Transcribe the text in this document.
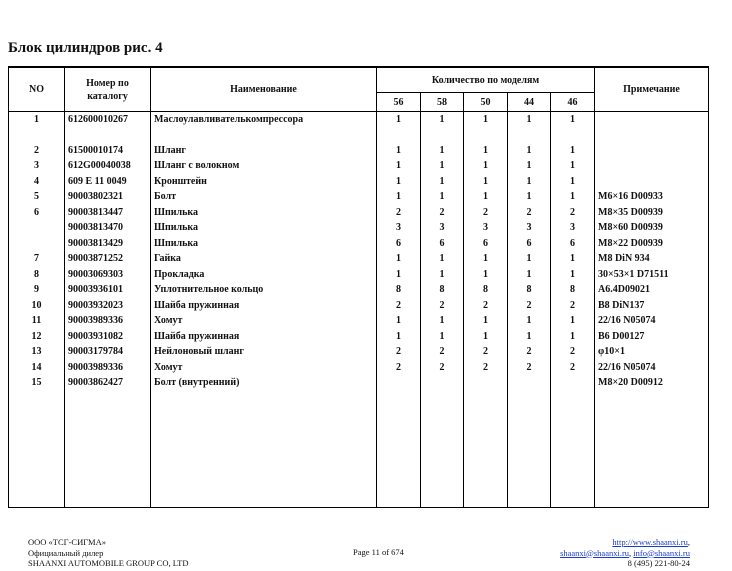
Блок цилиндров рис. 4
NO	Номер по каталогу	Наименование	Количество по моделям					Примечание
			56	58	50	44	46	
1	612600010267	Маслоулавливателькомпрессора	1	1	1	1	1	

2	61500010174	Шланг	1	1	1	1	1	
3	612G00040038	Шланг с волокном	1	1	1	1	1	
4	609 E 11 0049	Кронштейн	1	1	1	1	1	
5	90003802321	Болт	1	1	1	1	1	M6×16 D00933
6	90003813447	Шпилька	2	2	2	2	2	M8×35 D00939
	90003813470	Шпилька	3	3	3	3	3	M8×60 D00939
	90003813429	Шпилька	6	6	6	6	6	M8×22 D00939
7	90003871252	Гайка	1	1	1	1	1	M8 DiN 934
8	90003069303	Прокладка	1	1	1	1	1	30×53×1 D71511
9	90003936101	Уплотнительное кольцо	8	8	8	8	8	A6.4D09021
10	90003932023	Шайба пружинная	2	2	2	2	2	B8 DiN137
11	90003989336	Хомут	1	1	1	1	1	22/16 N05074
12	90003931082	Шайба пружинная	1	1	1	1	1	B6 D00127
13	90003179784	Нейлоновый шланг	2	2	2	2	2	φ10×1
14	90003989336	Хомут	2	2	2	2	2	22/16 N05074
15	90003862427	Болт (внутренний)						M8×20 D00912

ООО «ТСГ-СИГМА»
Официальный дилер
SHAANXI AUTOMOBILE GROUP CO, LTD
Page 11 of 674
http://www.shaanxi.ru,
shaanxi@shaanxi.ru, info@shaanxi.ru
8 (495) 221-80-24
